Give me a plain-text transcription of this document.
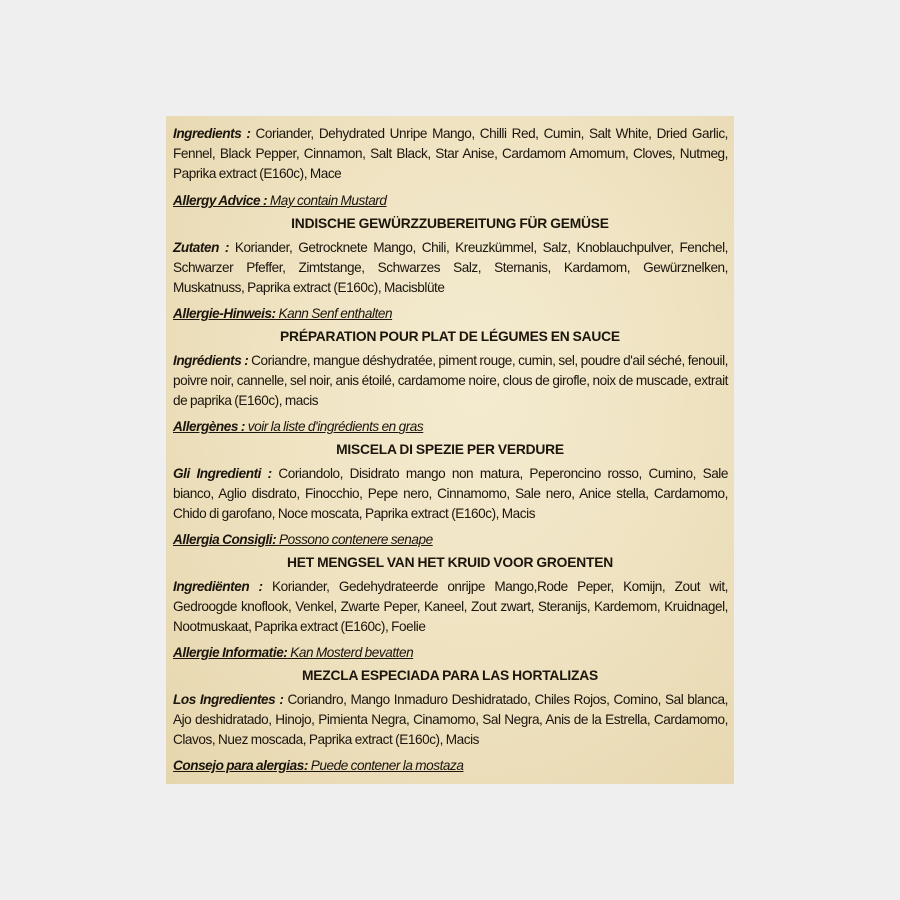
Ingredients : Coriander, Dehydrated Unripe Mango, Chilli Red, Cumin, Salt White, Dried Garlic, Fennel, Black Pepper, Cinnamon, Salt Black, Star Anise, Cardamom Amomum, Cloves, Nutmeg, Paprika extract (E160c), Mace
Allergy Advice : May contain Mustard
INDISCHE GEWÜRZZUBEREITUNG FÜR GEMÜSE
Zutaten : Koriander, Getrocknete Mango, Chili, Kreuzkümmel, Salz, Knoblauchpulver, Fenchel, Schwarzer Pfeffer, Zimtstange, Schwarzes Salz, Sternanis, Kardamom, Gewürznelken, Muskatnuss, Paprika extract (E160c), Macisblüte
Allergie-Hinweis: Kann Senf enthalten
PRÉPARATION POUR PLAT DE LÉGUMES EN SAUCE
Ingrédients : Coriandre, mangue déshydratée, piment rouge, cumin, sel, poudre d'ail séché, fenouil, poivre noir, cannelle, sel noir, anis étoilé, cardamome noire, clous de girofle, noix de muscade, extrait de paprika (E160c), macis
Allergènes : voir la liste d'ingrédients en gras
MISCELA DI SPEZIE PER VERDURE
Gli Ingredienti : Coriandolo, Disidrato mango non matura, Peperoncino rosso, Cumino, Sale bianco, Aglio disdrato, Finocchio, Pepe nero, Cinnamomo, Sale nero, Anice stella, Cardamomo, Chido di garofano, Noce moscata, Paprika extract (E160c), Macis
Allergia Consigli: Possono contenere senape
HET MENGSEL VAN HET KRUID VOOR GROENTEN
Ingrediënten : Koriander, Gedehydrateerde onrijpe Mango,Rode Peper, Komijn, Zout wit, Gedroogde knoflook, Venkel, Zwarte Peper, Kaneel, Zout zwart, Steranijs, Kardemom, Kruidnagel, Nootmuskaat, Paprika extract (E160c), Foelie
Allergie Informatie: Kan Mosterd bevatten
MEZCLA ESPECIADA PARA LAS HORTALIZAS
Los Ingredientes : Coriandro, Mango Inmaduro Deshidratado, Chiles Rojos, Comino, Sal blanca, Ajo deshidratado, Hinojo, Pimienta Negra, Cinamomo, Sal Negra, Anis de la Estrella, Cardamomo, Clavos, Nuez moscada, Paprika extract (E160c), Macis
Consejo para alergias: Puede contener la mostaza
